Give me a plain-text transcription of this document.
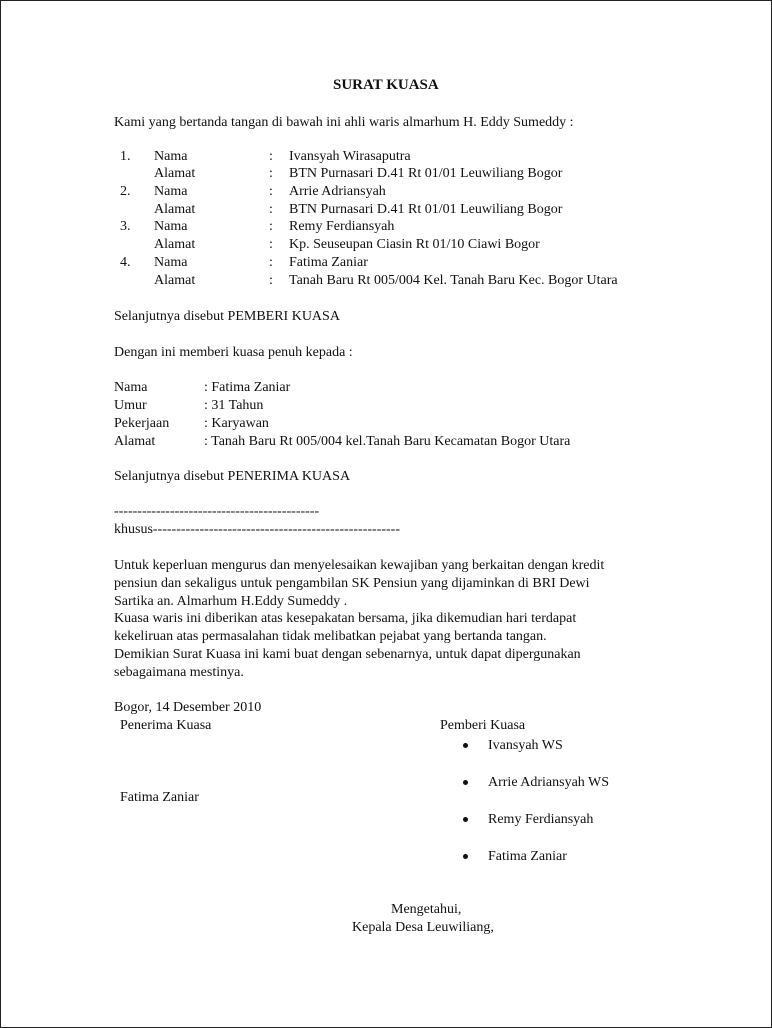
SURAT KUASA
Kami yang bertanda tangan di bawah ini ahli waris almarhum H. Eddy Sumeddy :
1. Nama	: Ivansyah Wirasaputra
Alamat	: BTN Purnasari D.41 Rt 01/01 Leuwiliang Bogor
2. Nama	: Arrie Adriansyah
Alamat	: BTN Purnasari D.41 Rt 01/01 Leuwiliang Bogor
3. Nama	: Remy Ferdiansyah
Alamat	: Kp. Seuseupan Ciasin Rt 01/10 Ciawi Bogor
4. Nama	: Fatima Zaniar
Alamat	: Tanah Baru Rt 005/004 Kel. Tanah Baru Kec. Bogor Utara
Selanjutnya disebut PEMBERI KUASA
Dengan ini memberi kuasa penuh kepada :
Nama	: Fatima Zaniar
Umur	: 31 Tahun
Pekerjaan : Karyawan
Alamat	: Tanah Baru Rt 005/004 kel.Tanah Baru Kecamatan Bogor Utara
Selanjutnya disebut PENERIMA KUASA
--------------------------------------------
khusus-----------------------------------------------------
Untuk keperluan mengurus dan menyelesaikan kewajiban yang berkaitan dengan kredit
pensiun dan sekaligus untuk pengambilan SK Pensiun yang dijaminkan di BRI Dewi
Sartika an. Almarhum H.Eddy Sumeddy .
Kuasa waris ini diberikan atas kesepakatan bersama, jika dikemudian hari terdapat
kekeliruan atas permasalahan tidak melibatkan pejabat yang bertanda tangan.
Demikian Surat Kuasa ini kami buat dengan sebenarnya, untuk dapat dipergunakan
sebagaimana mestinya.
Bogor, 14 Desember 2010
Penerima Kuasa
Fatima Zaniar
Pemberi Kuasa
Ivansyah WS
Arrie Adriansyah WS
Remy Ferdiansyah
Fatima Zaniar
Mengetahui,
Kepala Desa Leuwiliang,
